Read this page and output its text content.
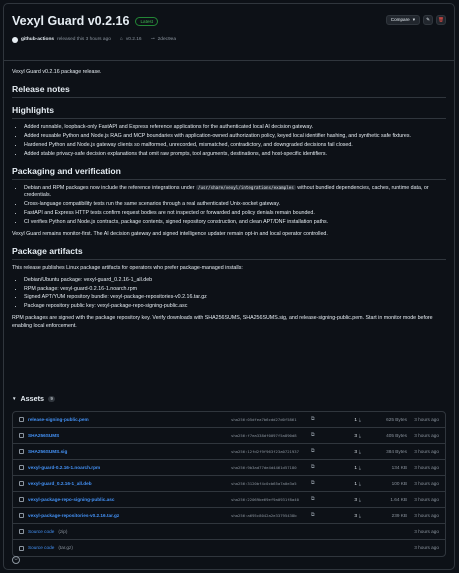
Vexyl Guard v0.2.16	Latest	Compare ▾ ✎ 🗑
github-actions released this 3 hours ago ⌂ v0.2.16 ⊸ 2dec9ea

Vexyl Guard v0.2.16 package release.

Release notes
Highlights
• Added runnable, loopback-only FastAPI and Express reference applications for the authenticated local AI decision gateway.
• Added reusable Python and Node.js RAG and MCP boundaries with application-owned authorization policy, keyed local identifier hashing, and synthetic safe fixtures.
• Hardened Python and Node.js gateway clients so malformed, unrecorded, mismatched, contradictory, and downgraded decisions fail closed.
• Added stable privacy-safe decision explanations that omit raw prompts, tool arguments, destinations, and host-specific identifiers.
Packaging and verification
• Debian and RPM packages now include the reference integrations under /usr/share/vexyl/integrations/examples without bundled dependencies, caches, runtime data, or credentials.
• Cross-language compatibility tests run the same scenarios through a real authenticated Unix-socket gateway.
• FastAPI and Express HTTP tests confirm request bodies are not inspected or forwarded and policy denials remain bounded.
• CI verifies Python and Node.js contracts, package contents, signed repository construction, and clean APT/DNF installation paths.

Vexyl Guard remains monitor-first. The AI decision gateway and signed intelligence updater remain opt-in and local operator controlled.

Package artifacts

This release publishes Linux package artifacts for operators who prefer package-managed installs:

• Debian/Ubuntu package: vexyl-guard_0.2.16-1_all.deb
• RPM package: vexyl-guard-0.2.16-1.noarch.rpm
• Signed APT/YUM repository bundle: vexyl-package-repositories-v0.2.16.tar.gz
• Package repository public key: vexyl-package-repo-signing-public.asc

RPM packages are signed with the package repository key. Verify downloads with SHA256SUMS, SHA256SUMS.sig, and release-signing-public.pem. Start in monitor mode before enabling local enforcement.

▼ Assets	9
release-signing-public.pem	sha256:05dfea7b6cdd27d0f5861	⧉	1 ⤓	625 Bytes	3 hours ago
SHA256SUMS	sha256:f7ea338df0097f5a890d8	⧉	3 ⤓	405 Bytes	3 hours ago
SHA256SUMS.sig	sha256:12fd2f9f963f23a0721937	⧉	3 ⤓	384 Bytes	3 hours ago
vexyl-guard-0.2.16-1.noarch.rpm	sha256:9b3ad77de4d4461d57180	⧉	1 ⤓	134 KB	3 hours ago
vexyl-guard_0.2.16-1_all.deb	sha256:3120bf4c0cb65a7a0e3a5	⧉	1 ⤓	100 KB	3 hours ago
vexyl-package-repo-signing-public.asc	sha256:22069be69ef9a0931f8a40	⧉	3 ⤓	1.64 KB	3 hours ago
vexyl-package-repositories-v0.2.16.tar.gz	sha256:a695c8042a2e33795438b	⧉	3 ⤓	239 KB	3 hours ago
Source code (zip)	3 hours ago
Source code (tar.gz)	3 hours ago
☺
